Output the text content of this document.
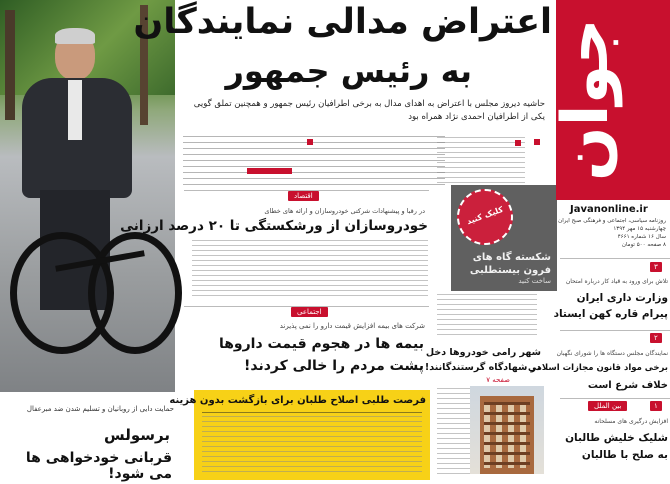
حمایت دایی از روبانیان و تسلیم شدن ضد مبرعفال
برسولس
قربانی خودخواهی ها می شود!
اعتراض مدالی نمایندگان
به رئیس جمهور
حاشیه دیروز مجلس با اعتراض به اهدای مدال به برخی اطرافیان رئیس جمهور و همچنین تملق گویی یکی از اطرافیان احمدی نژاد همراه بود
اقتصاد
در رقبا و پیشنهادات شرکتی خودروسازان و ارائه های خطای
خودروسازان از ورشکستگی تا ۲۰ درصد ارزانی
اجتماعی
شرکت های بیمه افزایش قیمت دارو را نمی پذیرند
بیمه ها در هجوم قیمت داروها
پشت مردم را خالی کردند!
فرصت طلبی اصلاح طلبان برای بازگشت بدون هزینه
کلیک کنید
شکسته گاه های فرون بیستطلبی
ساخت کنید
شهر رامی خودروها دخل
در شهادگاه گرستندگانند!
صفحه ۷
جوان
Javanonline.ir
روزنامه سیاسی، اجتماعی و فرهنگی صبح ایران
چهارشنبه ۱۵ مهر ۱۳۹۴
سال ۱۶ شماره ۴۶۶۱
۸ صفحه ۵۰۰ تومان
۳
تلاش برای ورود به قیاد کار درباره امتحان
وزارت داری ایران
پیرام قاره کهن ایستاد
۲
نمایندگان مجلس دستگاه ها را شورای نگهبان
برخی مواد قانون مجازات اسلامی
خلاف شرع است
۱
بین الملل
افزایش درگیری های مسلحانه
شلیک خلیش طالبان
به صلح با طالبان
